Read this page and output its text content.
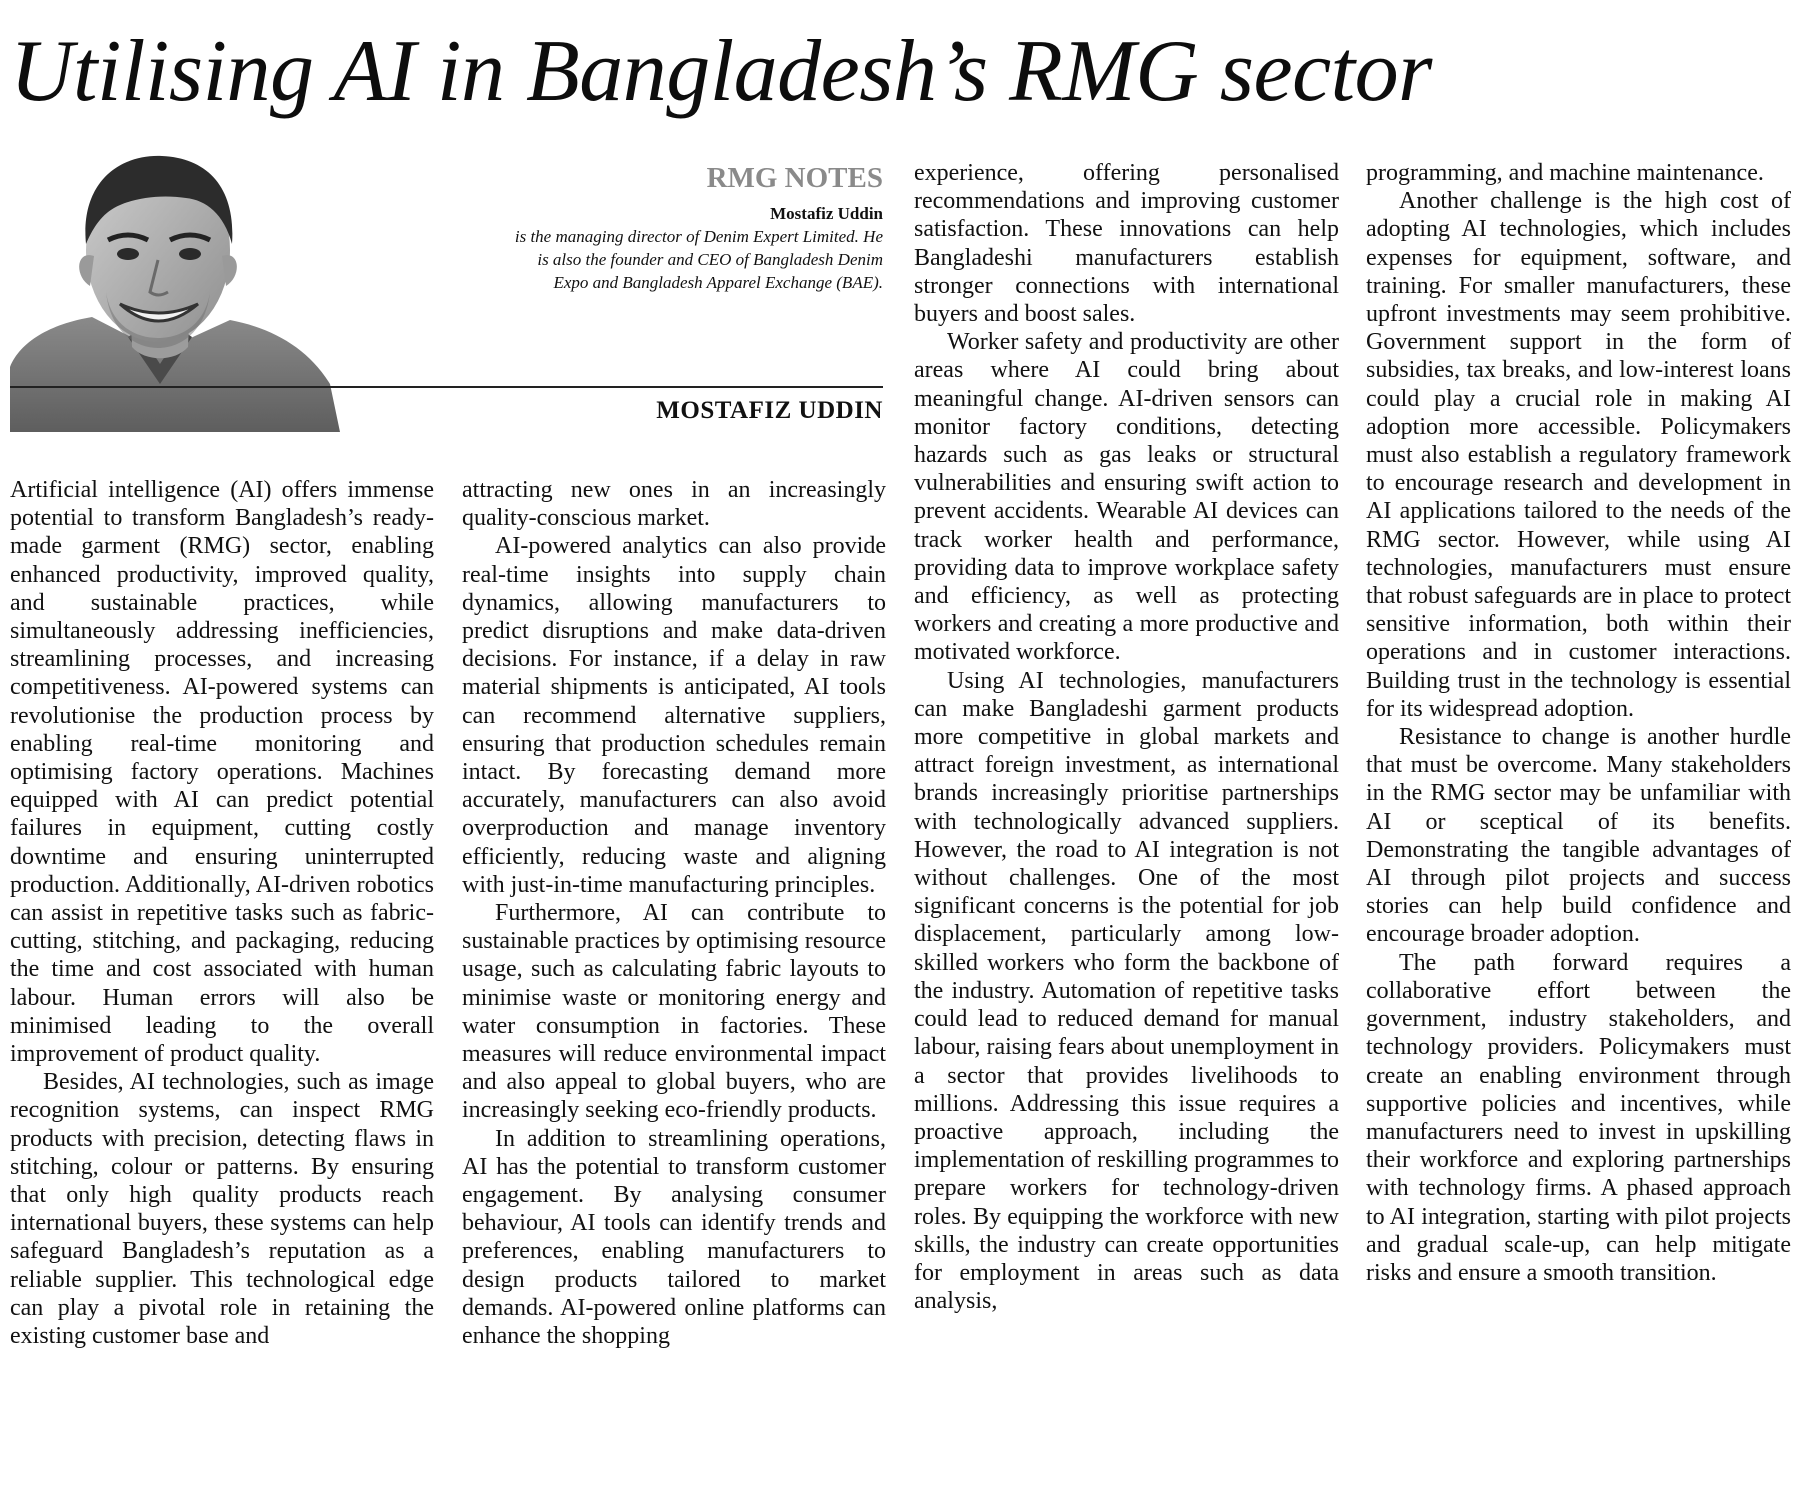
Utilising AI in Bangladesh’s RMG sector
RMG NOTES
Mostafiz Uddin
is the managing director of Denim Expert Limited. He is also the founder and CEO of Bangladesh Denim Expo and Bangladesh Apparel Exchange (BAE).
MOSTAFIZ UDDIN

Artificial intelligence (AI) offers immense potential to transform Bangladesh’s ready-made garment (RMG) sector, enabling enhanced productivity, improved quality, and sustainable practices, while simultaneously addressing inefficiencies, streamlining processes, and increasing competitiveness. AI-powered systems can revolutionise the production process by enabling real-time monitoring and optimising factory operations. Machines equipped with AI can predict potential failures in equipment, cutting costly downtime and ensuring uninterrupted production. Additionally, AI-driven robotics can assist in repetitive tasks such as fabric-cutting, stitching, and packaging, reducing the time and cost associated with human labour. Human errors will also be minimised leading to the overall improvement of product quality.

Besides, AI technologies, such as image recognition systems, can inspect RMG products with precision, detecting flaws in stitching, colour or patterns. By ensuring that only high quality products reach international buyers, these systems can help safeguard Bangladesh’s reputation as a reliable supplier. This technological edge can play a pivotal role in retaining the existing customer base and

attracting new ones in an increasingly quality-conscious market.

AI-powered analytics can also provide real-time insights into supply chain dynamics, allowing manufacturers to predict disruptions and make data-driven decisions. For instance, if a delay in raw material shipments is anticipated, AI tools can recommend alternative suppliers, ensuring that production schedules remain intact. By forecasting demand more accurately, manufacturers can also avoid overproduction and manage inventory efficiently, reducing waste and aligning with just-in-time manufacturing principles.

Furthermore, AI can contribute to sustainable practices by optimising resource usage, such as calculating fabric layouts to minimise waste or monitoring energy and water consumption in factories. These measures will reduce environmental impact and also appeal to global buyers, who are increasingly seeking eco-friendly products.

In addition to streamlining operations, AI has the potential to transform customer engagement. By analysing consumer behaviour, AI tools can identify trends and preferences, enabling manufacturers to design products tailored to market demands. AI-powered online platforms can enhance the shopping

experience, offering personalised recommendations and improving customer satisfaction. These innovations can help Bangladeshi manufacturers establish stronger connections with international buyers and boost sales.

Worker safety and productivity are other areas where AI could bring about meaningful change. AI-driven sensors can monitor factory conditions, detecting hazards such as gas leaks or structural vulnerabilities and ensuring swift action to prevent accidents. Wearable AI devices can track worker health and performance, providing data to improve workplace safety and efficiency, as well as protecting workers and creating a more productive and motivated workforce.

Using AI technologies, manufacturers can make Bangladeshi garment products more competitive in global markets and attract foreign investment, as international brands increasingly prioritise partnerships with technologically advanced suppliers. However, the road to AI integration is not without challenges. One of the most significant concerns is the potential for job displacement, particularly among low-skilled workers who form the backbone of the industry. Automation of repetitive tasks could lead to reduced demand for manual labour, raising fears about unemployment in a sector that provides livelihoods to millions. Addressing this issue requires a proactive approach, including the implementation of reskilling programmes to prepare workers for technology-driven roles. By equipping the workforce with new skills, the industry can create opportunities for employment in areas such as data analysis,

programming, and machine maintenance.

Another challenge is the high cost of adopting AI technologies, which includes expenses for equipment, software, and training. For smaller manufacturers, these upfront investments may seem prohibitive. Government support in the form of subsidies, tax breaks, and low-interest loans could play a crucial role in making AI adoption more accessible. Policymakers must also establish a regulatory framework to encourage research and development in AI applications tailored to the needs of the RMG sector. However, while using AI technologies, manufacturers must ensure that robust safeguards are in place to protect sensitive information, both within their operations and in customer interactions. Building trust in the technology is essential for its widespread adoption.

Resistance to change is another hurdle that must be overcome. Many stakeholders in the RMG sector may be unfamiliar with AI or sceptical of its benefits. Demonstrating the tangible advantages of AI through pilot projects and success stories can help build confidence and encourage broader adoption.

The path forward requires a collaborative effort between the government, industry stakeholders, and technology providers. Policymakers must create an enabling environment through supportive policies and incentives, while manufacturers need to invest in upskilling their workforce and exploring partnerships with technology firms. A phased approach to AI integration, starting with pilot projects and gradual scale-up, can help mitigate risks and ensure a smooth transition.
